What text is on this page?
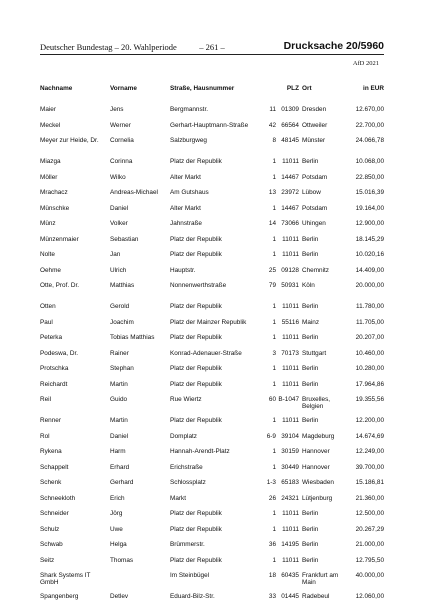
Deutscher Bundestag – 20. Wahlperiode	– 261 –	Drucksache 20/5960
AfD 2021
Nachname	Vorname	Straße, Hausnummer		PLZ	Ort	in EUR
Maier	Jens	Bergmannstr.	11	01309	Dresden	12.670,00
Meckel	Werner	Gerhart-Hauptmann-Straße	42	66564	Ottweiler	22.700,00
Meyer zur Heide, Dr.	Cornelia	Salzburgweg	8	48145	Münster	24.066,78
Miazga	Corinna	Platz der Republik	1	11011	Berlin	10.068,00
Möller	Wilko	Alter Markt	1	14467	Potsdam	22.850,00
Mrachacz	Andreas-Michael	Am Gutshaus	13	23972	Lübow	15.016,39
Münschke	Daniel	Alter Markt	1	14467	Potsdam	19.164,00
Münz	Volker	Jahnstraße	14	73066	Uhingen	12.900,00
Münzenmaier	Sebastian	Platz der Republik	1	11011	Berlin	18.145,29
Nolte	Jan	Platz der Republik	1	11011	Berlin	10.020,16
Oehme	Ulrich	Hauptstr.	25	09128	Chemnitz	14.409,00
Otte, Prof. Dr.	Matthias	Nonnenwerthstraße	79	50931	Köln	20.000,00
Otten	Gerold	Platz der Republik	1	11011	Berlin	11.780,00
Paul	Joachim	Platz der Mainzer Republik	1	55116	Mainz	11.705,00
Peterka	Tobias Matthias	Platz der Republik	1	11011	Berlin	20.207,00
Podeswa, Dr.	Rainer	Konrad-Adenauer-Straße	3	70173	Stuttgart	10.460,00
Protschka	Stephan	Platz der Republik	1	11011	Berlin	10.280,00
Reichardt	Martin	Platz der Republik	1	11011	Berlin	17.964,86
Reil	Guido	Rue Wiertz	60	B-1047	Bruxelles, Belgien	19.355,56
Renner	Martin	Platz der Republik	1	11011	Berlin	12.200,00
Rol	Daniel	Domplatz	6-9	39104	Magdeburg	14.674,69
Rykena	Harm	Hannah-Arendt-Platz	1	30159	Hannover	12.249,00
Schappelt	Erhard	Erichstraße	1	30449	Hannover	39.700,00
Schenk	Gerhard	Schlossplatz	1-3	65183	Wiesbaden	15.186,81
Schneekloth	Erich	Markt	26	24321	Lütjenburg	21.360,00
Schneider	Jörg	Platz der Republik	1	11011	Berlin	12.500,00
Schulz	Uwe	Platz der Republik	1	11011	Berlin	20.267,29
Schwab	Helga	Brümmerstr.	36	14195	Berlin	21.000,00
Seitz	Thomas	Platz der Republik	1	11011	Berlin	12.795,50
Shark Systems IT GmbH		Im Steinbügel	18	60435	Frankfurt am Main	40.000,00
Spangenberg	Detlev	Eduard-Bilz-Str.	33	01445	Radebeul	12.060,00
